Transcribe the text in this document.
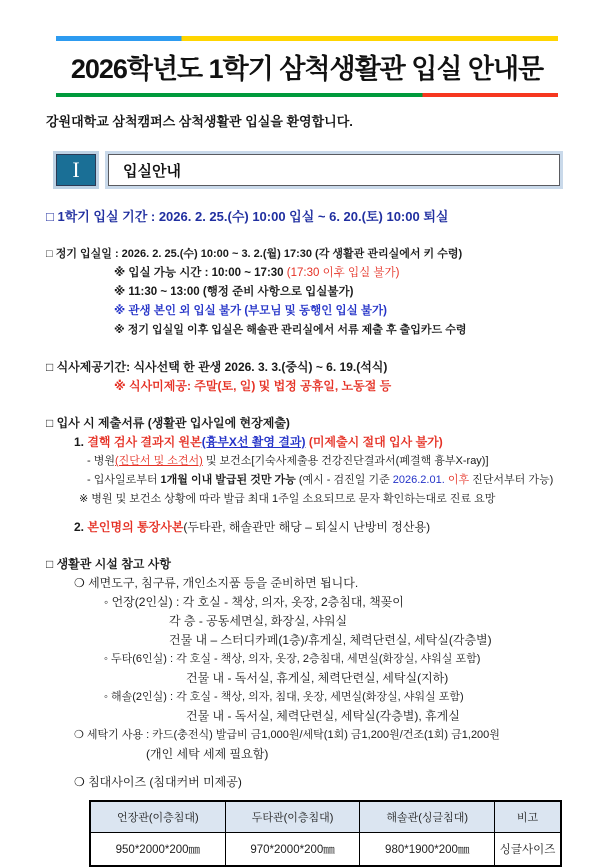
2026학년도 1학기 삼척생활관 입실 안내문
강원대학교 삼척캠퍼스 삼척생활관 입실을 환영합니다.
I	입실안내
□ 1학기 입실 기간 : 2026. 2. 25.(수) 10:00 입실 ~ 6. 20.(토) 10:00 퇴실
□ 정기 입실일 : 2026. 2. 25.(수) 10:00 ~ 3. 2.(월) 17:30 (각 생활관 관리실에서 키 수령)
※ 입실 가능 시간 : 10:00 ~ 17:30 (17:30 이후 입실 불가)
※ 11:30 ~ 13:00 (행정 준비 사항으로 입실불가)
※ 관생 본인 외 입실 불가 (부모님 및 동행인 입실 불가)
※ 정기 입실일 이후 입실은 해솔관 관리실에서 서류 제출 후 출입카드 수령
□ 식사제공기간: 식사선택 한 관생 2026. 3. 3.(중식) ~ 6. 19.(석식)
※ 식사미제공: 주말(토, 일) 및 법정 공휴일, 노동절 등
□ 입사 시 제출서류 (생활관 입사일에 현장제출)
1. 결핵 검사 결과지 원본(흉부X선 촬영 결과) (미제출시 절대 입사 불가)
- 병원(진단서 및 소견서) 및 보건소[기숙사제출용 건강진단결과서(폐결핵 흉부X-ray)]
- 입사일로부터 1개월 이내 발급된 것만 가능 (예시 - 검진일 기준 2026.2.01. 이후 진단서부터 가능)
※ 병원 및 보건소 상황에 따라 발급 최대 1주일 소요되므로 문자 확인하는대로 진료 요망
2. 본인명의 통장사본(두타관, 해솔관만 해당 – 퇴실시 난방비 정산용)
□ 생활관 시설 참고 사항
❍ 세면도구, 침구류, 개인소지품 등을 준비하면 됩니다.
◦ 언장(2인실) : 각 호실 - 책상, 의자, 옷장, 2층침대, 책꽂이
각 층 - 공동세면실, 화장실, 샤워실
건물 내 – 스터디카페(1층)/휴게실, 체력단련실, 세탁실(각층별)
◦ 두타(6인실) : 각 호실 - 책상, 의자, 옷장, 2층침대, 세면실(화장실, 샤워실 포함)
건물 내 - 독서실, 휴게실, 체력단련실, 세탁실(지하)
◦ 해솔(2인실) : 각 호실 - 책상, 의자, 침대, 옷장, 세면실(화장실, 샤워실 포함)
건물 내 - 독서실, 체력단련실, 세탁실(각층별), 휴게실
❍ 세탁기 사용 : 카드(충전식) 발급비 금1,000원/세탁(1회) 금1,200원/건조(1회) 금1,200원
(개인 세탁 세제 필요함)
❍ 침대사이즈 (침대커버 미제공)
언장관(이층침대)	두타관(이층침대)	해솔관(싱글침대)	비고
950*2000*200㎜	970*2000*200㎜	980*1900*200㎜	싱글사이즈
